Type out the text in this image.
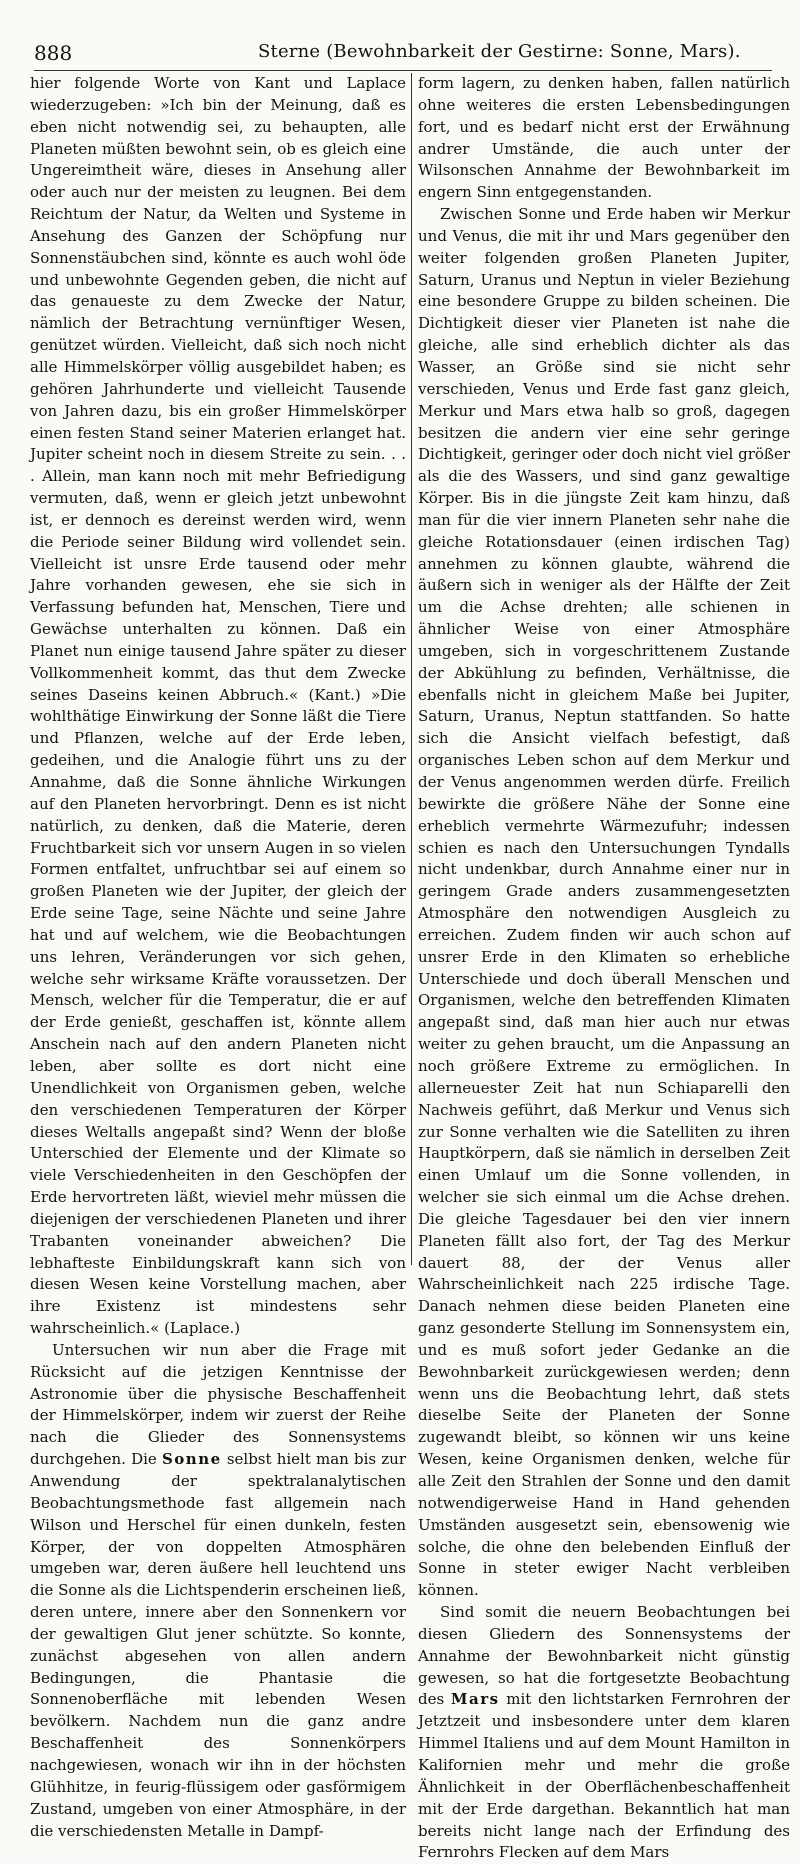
888	Sterne (Bewohnbarkeit der Gestirne: Sonne, Mars).

hier folgende Worte von Kant und Laplace wiederzugeben: »Ich bin der Meinung, daß es eben nicht notwendig sei, zu behaupten, alle Planeten müßten bewohnt sein, ob es gleich eine Ungereimtheit wäre, dieses in Ansehung aller oder auch nur der meisten zu leugnen. Bei dem Reichtum der Natur, da Welten und Systeme in Ansehung des Ganzen der Schöpfung nur Sonnenstäubchen sind, könnte es auch wohl öde und unbewohnte Gegenden geben, die nicht auf das genaueste zu dem Zwecke der Natur, nämlich der Betrachtung vernünftiger Wesen, genützet würden. Vielleicht, daß sich noch nicht alle Himmelskörper völlig ausgebildet haben; es gehören Jahrhunderte und vielleicht Tausende von Jahren dazu, bis ein großer Himmelskörper einen festen Stand seiner Materien erlanget hat. Jupiter scheint noch in diesem Streite zu sein. . . . Allein, man kann noch mit mehr Befriedigung vermuten, daß, wenn er gleich jetzt unbewohnt ist, er dennoch es dereinst werden wird, wenn die Periode seiner Bildung wird vollendet sein. Vielleicht ist unsre Erde tausend oder mehr Jahre vorhanden gewesen, ehe sie sich in Verfassung befunden hat, Menschen, Tiere und Gewächse unterhalten zu können. Daß ein Planet nun einige tausend Jahre später zu dieser Vollkommenheit kommt, das thut dem Zwecke seines Daseins keinen Abbruch.« (Kant.) »Die wohlthätige Einwirkung der Sonne läßt die Tiere und Pflanzen, welche auf der Erde leben, gedeihen, und die Analogie führt uns zu der Annahme, daß die Sonne ähnliche Wirkungen auf den Planeten hervorbringt. Denn es ist nicht natürlich, zu denken, daß die Materie, deren Fruchtbarkeit sich vor unsern Augen in so vielen Formen entfaltet, unfruchtbar sei auf einem so großen Planeten wie der Jupiter, der gleich der Erde seine Tage, seine Nächte und seine Jahre hat und auf welchem, wie die Beobachtungen uns lehren, Veränderungen vor sich gehen, welche sehr wirksame Kräfte voraussetzen. Der Mensch, welcher für die Temperatur, die er auf der Erde genießt, geschaffen ist, könnte allem Anschein nach auf den andern Planeten nicht leben, aber sollte es dort nicht eine Unendlichkeit von Organismen geben, welche den verschiedenen Temperaturen der Körper dieses Weltalls angepaßt sind? Wenn der bloße Unterschied der Elemente und der Klimate so viele Verschiedenheiten in den Geschöpfen der Erde hervortreten läßt, wieviel mehr müssen die diejenigen der verschiedenen Planeten und ihrer Trabanten voneinander abweichen? Die lebhafteste Einbildungskraft kann sich von diesen Wesen keine Vorstellung machen, aber ihre Existenz ist mindestens sehr wahrscheinlich.« (Laplace.)

Untersuchen wir nun aber die Frage mit Rücksicht auf die jetzigen Kenntnisse der Astronomie über die physische Beschaffenheit der Himmelskörper, indem wir zuerst der Reihe nach die Glieder des Sonnensystems durchgehen. Die Sonne selbst hielt man bis zur Anwendung der spektralanalytischen Beobachtungsmethode fast allgemein nach Wilson und Herschel für einen dunkeln, festen Körper, der von doppelten Atmosphären umgeben war, deren äußere hell leuchtend uns die Sonne als die Lichtspenderin erscheinen ließ, deren untere, innere aber den Sonnenkern vor der gewaltigen Glut jener schützte. So konnte, zunächst abgesehen von allen andern Bedingungen, die Phantasie die Sonnenoberfläche mit lebenden Wesen bevölkern. Nachdem nun die ganz andre Beschaffenheit des Sonnenkörpers nachgewiesen, wonach wir ihn in der höchsten Glühhitze, in feurig-flüssigem oder gasförmigem Zustand, umgeben von einer Atmosphäre, in der die verschiedensten Metalle in Dampf-

form lagern, zu denken haben, fallen natürlich ohne weiteres die ersten Lebensbedingungen fort, und es bedarf nicht erst der Erwähnung andrer Umstände, die auch unter der Wilsonschen Annahme der Bewohnbarkeit im engern Sinn entgegenstanden.

Zwischen Sonne und Erde haben wir Merkur und Venus, die mit ihr und Mars gegenüber den weiter folgenden großen Planeten Jupiter, Saturn, Uranus und Neptun in vieler Beziehung eine besondere Gruppe zu bilden scheinen. Die Dichtigkeit dieser vier Planeten ist nahe die gleiche, alle sind erheblich dichter als das Wasser, an Größe sind sie nicht sehr verschieden, Venus und Erde fast ganz gleich, Merkur und Mars etwa halb so groß, dagegen besitzen die andern vier eine sehr geringe Dichtigkeit, geringer oder doch nicht viel größer als die des Wassers, und sind ganz gewaltige Körper. Bis in die jüngste Zeit kam hinzu, daß man für die vier innern Planeten sehr nahe die gleiche Rotationsdauer (einen irdischen Tag) annehmen zu können glaubte, während die äußern sich in weniger als der Hälfte der Zeit um die Achse drehten; alle schienen in ähnlicher Weise von einer Atmosphäre umgeben, sich in vorgeschrittenem Zustande der Abkühlung zu befinden, Verhältnisse, die ebenfalls nicht in gleichem Maße bei Jupiter, Saturn, Uranus, Neptun stattfanden. So hatte sich die Ansicht vielfach befestigt, daß organisches Leben schon auf dem Merkur und der Venus angenommen werden dürfe. Freilich bewirkte die größere Nähe der Sonne eine erheblich vermehrte Wärmezufuhr; indessen schien es nach den Untersuchungen Tyndalls nicht undenkbar, durch Annahme einer nur in geringem Grade anders zusammengesetzten Atmosphäre den notwendigen Ausgleich zu erreichen. Zudem finden wir auch schon auf unsrer Erde in den Klimaten so erhebliche Unterschiede und doch überall Menschen und Organismen, welche den betreffenden Klimaten angepaßt sind, daß man hier auch nur etwas weiter zu gehen braucht, um die Anpassung an noch größere Extreme zu ermöglichen. In allerneuester Zeit hat nun Schiaparelli den Nachweis geführt, daß Merkur und Venus sich zur Sonne verhalten wie die Satelliten zu ihren Hauptkörpern, daß sie nämlich in derselben Zeit einen Umlauf um die Sonne vollenden, in welcher sie sich einmal um die Achse drehen. Die gleiche Tagesdauer bei den vier innern Planeten fällt also fort, der Tag des Merkur dauert 88, der der Venus aller Wahrscheinlichkeit nach 225 irdische Tage. Danach nehmen diese beiden Planeten eine ganz gesonderte Stellung im Sonnensystem ein, und es muß sofort jeder Gedanke an die Bewohnbarkeit zurückgewiesen werden; denn wenn uns die Beobachtung lehrt, daß stets dieselbe Seite der Planeten der Sonne zugewandt bleibt, so können wir uns keine Wesen, keine Organismen denken, welche für alle Zeit den Strahlen der Sonne und den damit notwendigerweise Hand in Hand gehenden Umständen ausgesetzt sein, ebensowenig wie solche, die ohne den belebenden Einfluß der Sonne in steter ewiger Nacht verbleiben können.

Sind somit die neuern Beobachtungen bei diesen Gliedern des Sonnensystems der Annahme der Bewohnbarkeit nicht günstig gewesen, so hat die fortgesetzte Beobachtung des Mars mit den lichtstarken Fernrohren der Jetztzeit und insbesondere unter dem klaren Himmel Italiens und auf dem Mount Hamilton in Kalifornien mehr und mehr die große Ähnlichkeit in der Oberflächenbeschaffenheit mit der Erde dargethan. Bekanntlich hat man bereits nicht lange nach der Erfindung des Fernrohrs Flecken auf dem Mars
